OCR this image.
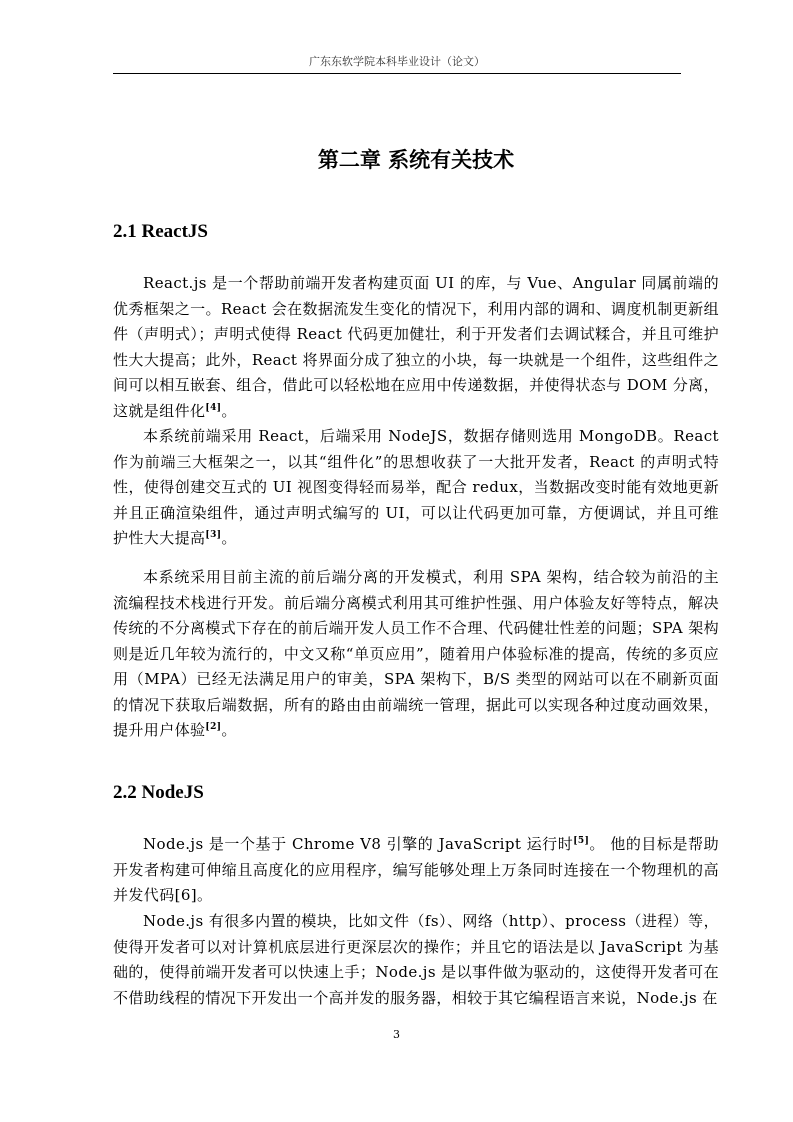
广东东软学院本科毕业设计（论文）
第二章 系统有关技术
2.1 ReactJS
React.js 是一个帮助前端开发者构建页面 UI 的库，与 Vue、Angular 同属前端的优秀框架之一。React 会在数据流发生变化的情况下，利用内部的调和、调度机制更新组件（声明式）；声明式使得 React 代码更加健壮，利于开发者们去调试糅合，并且可维护性大大提高；此外，React 将界面分成了独立的小块，每一块就是一个组件，这些组件之间可以相互嵌套、组合，借此可以轻松地在应用中传递数据，并使得状态与 DOM 分离，这就是组件化[4]。
本系统前端采用 React，后端采用 NodeJS，数据存储则选用 MongoDB。React 作为前端三大框架之一，以其“组件化”的思想收获了一大批开发者，React 的声明式特性，使得创建交互式的 UI 视图变得轻而易举，配合 redux，当数据改变时能有效地更新并且正确渲染组件，通过声明式编写的 UI，可以让代码更加可靠，方便调试，并且可维护性大大提高[3]。
本系统采用目前主流的前后端分离的开发模式，利用 SPA 架构，结合较为前沿的主流编程技术栈进行开发。前后端分离模式利用其可维护性强、用户体验友好等特点，解决传统的不分离模式下存在的前后端开发人员工作不合理、代码健壮性差的问题；SPA 架构则是近几年较为流行的，中文又称“单页应用”，随着用户体验标准的提高，传统的多页应用（MPA）已经无法满足用户的审美，SPA 架构下，B/S 类型的网站可以在不刷新页面的情况下获取后端数据，所有的路由由前端统一管理，据此可以实现各种过度动画效果，提升用户体验[2]。
2.2 NodeJS
Node.js 是一个基于 Chrome V8 引擎的 JavaScript 运行时[5]。 他的目标是帮助开发者构建可伸缩且高度化的应用程序，编写能够处理上万条同时连接在一个物理机的高并发代码[6]。
Node.js 有很多内置的模块，比如文件（fs）、网络（http）、process（进程）等，使得开发者可以对计算机底层进行更深层次的操作；并且它的语法是以 JavaScript 为基础的，使得前端开发者可以快速上手；Node.js 是以事件做为驱动的，这使得开发者可在不借助线程的情况下开发出一个高并发的服务器，相较于其它编程语言来说，Node.js 在
3
